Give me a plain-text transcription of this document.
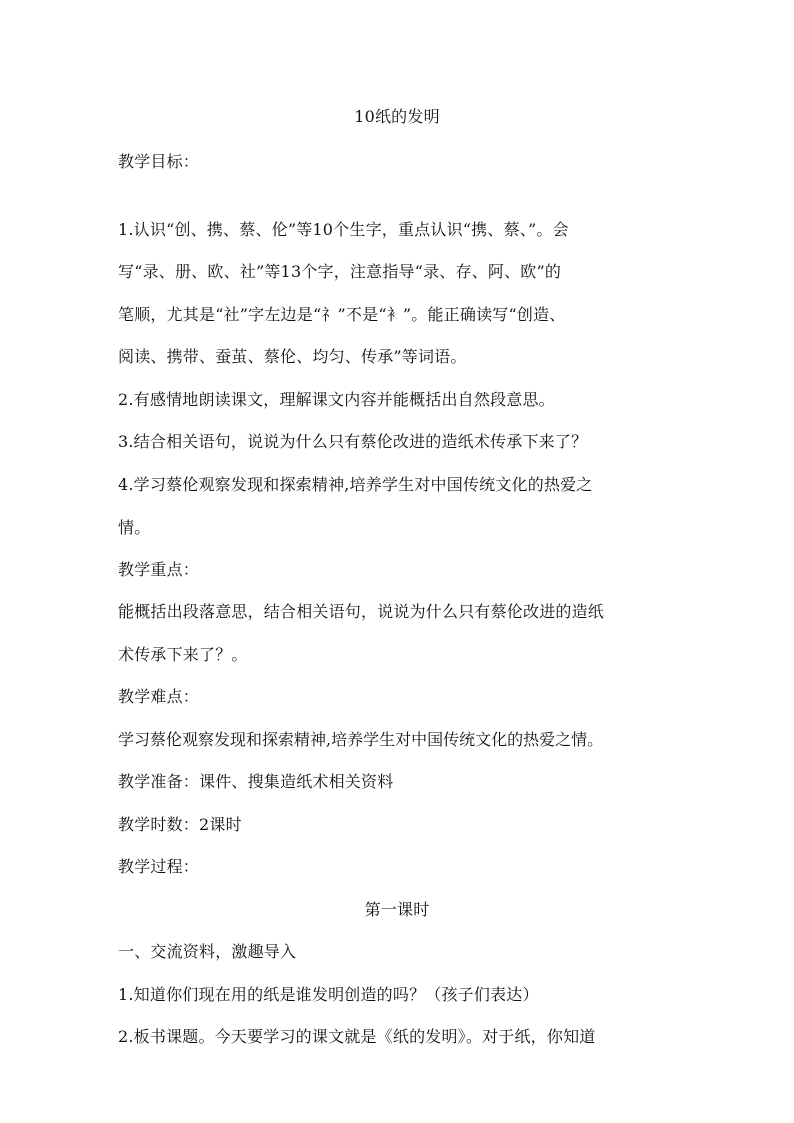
10纸的发明
教学目标：
1.认识“创、携、蔡、伦”等10个生字，重点认识“携、蔡、”。会
写“录、册、欧、社”等13个字，注意指导“录、存、阿、欧”的
笔顺，尤其是“社”字左边是“礻”不是“衤”。能正确读写“创造、
阅读、携带、蚕茧、蔡伦、均匀、传承”等词语。
2.有感情地朗读课文，理解课文内容并能概括出自然段意思。
3.结合相关语句，说说为什么只有蔡伦改进的造纸术传承下来了？
4.学习蔡伦观察发现和探索精神,培养学生对中国传统文化的热爱之
情。
教学重点：
能概括出段落意思，结合相关语句，说说为什么只有蔡伦改进的造纸
术传承下来了？。
教学难点：
学习蔡伦观察发现和探索精神,培养学生对中国传统文化的热爱之情。
教学准备：课件、搜集造纸术相关资料
教学时数：2课时
教学过程：
第一课时
一、交流资料，激趣导入
1.知道你们现在用的纸是谁发明创造的吗？（孩子们表达）
2.板书课题。今天要学习的课文就是《纸的发明》。对于纸，你知道
